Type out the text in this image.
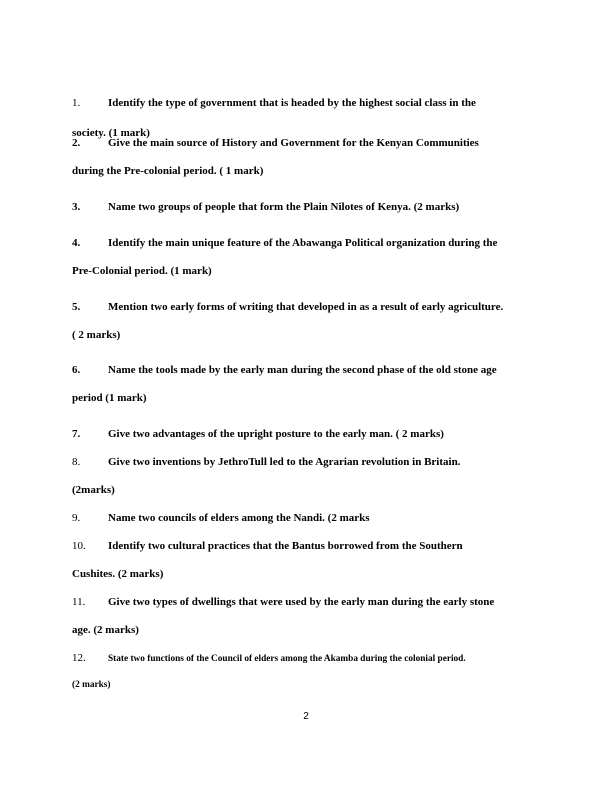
1.	Identify the type of government that is headed by the highest social class in the
society. (1 mark)
2.	Give the main source of History and Government for the Kenyan Communities
during the Pre-colonial period. ( 1 mark)
3.	Name two groups of people that form the Plain Nilotes of Kenya. (2 marks)
4.	Identify the main unique feature of the Abawanga Political organization during the
Pre-Colonial period. (1 mark)
5.	Mention two early forms of writing that developed in as a result of early agriculture.
( 2 marks)
6.	Name the tools made by the early man during the second phase of the old stone age
period (1 mark)
7.	Give two advantages of the upright posture to the early man. ( 2 marks)
8.	Give two inventions by JethroTull led to the Agrarian revolution in Britain.
(2marks)
9.	Name two councils of elders among the Nandi. (2 marks
10. Identify two cultural practices that the Bantus borrowed from the Southern
Cushites. (2 marks)
11. Give two types of dwellings that were used by the early man during the early stone
age. (2 marks)
12. State two functions of the Council of elders among the Akamba during the colonial period.
(2 marks)
2
